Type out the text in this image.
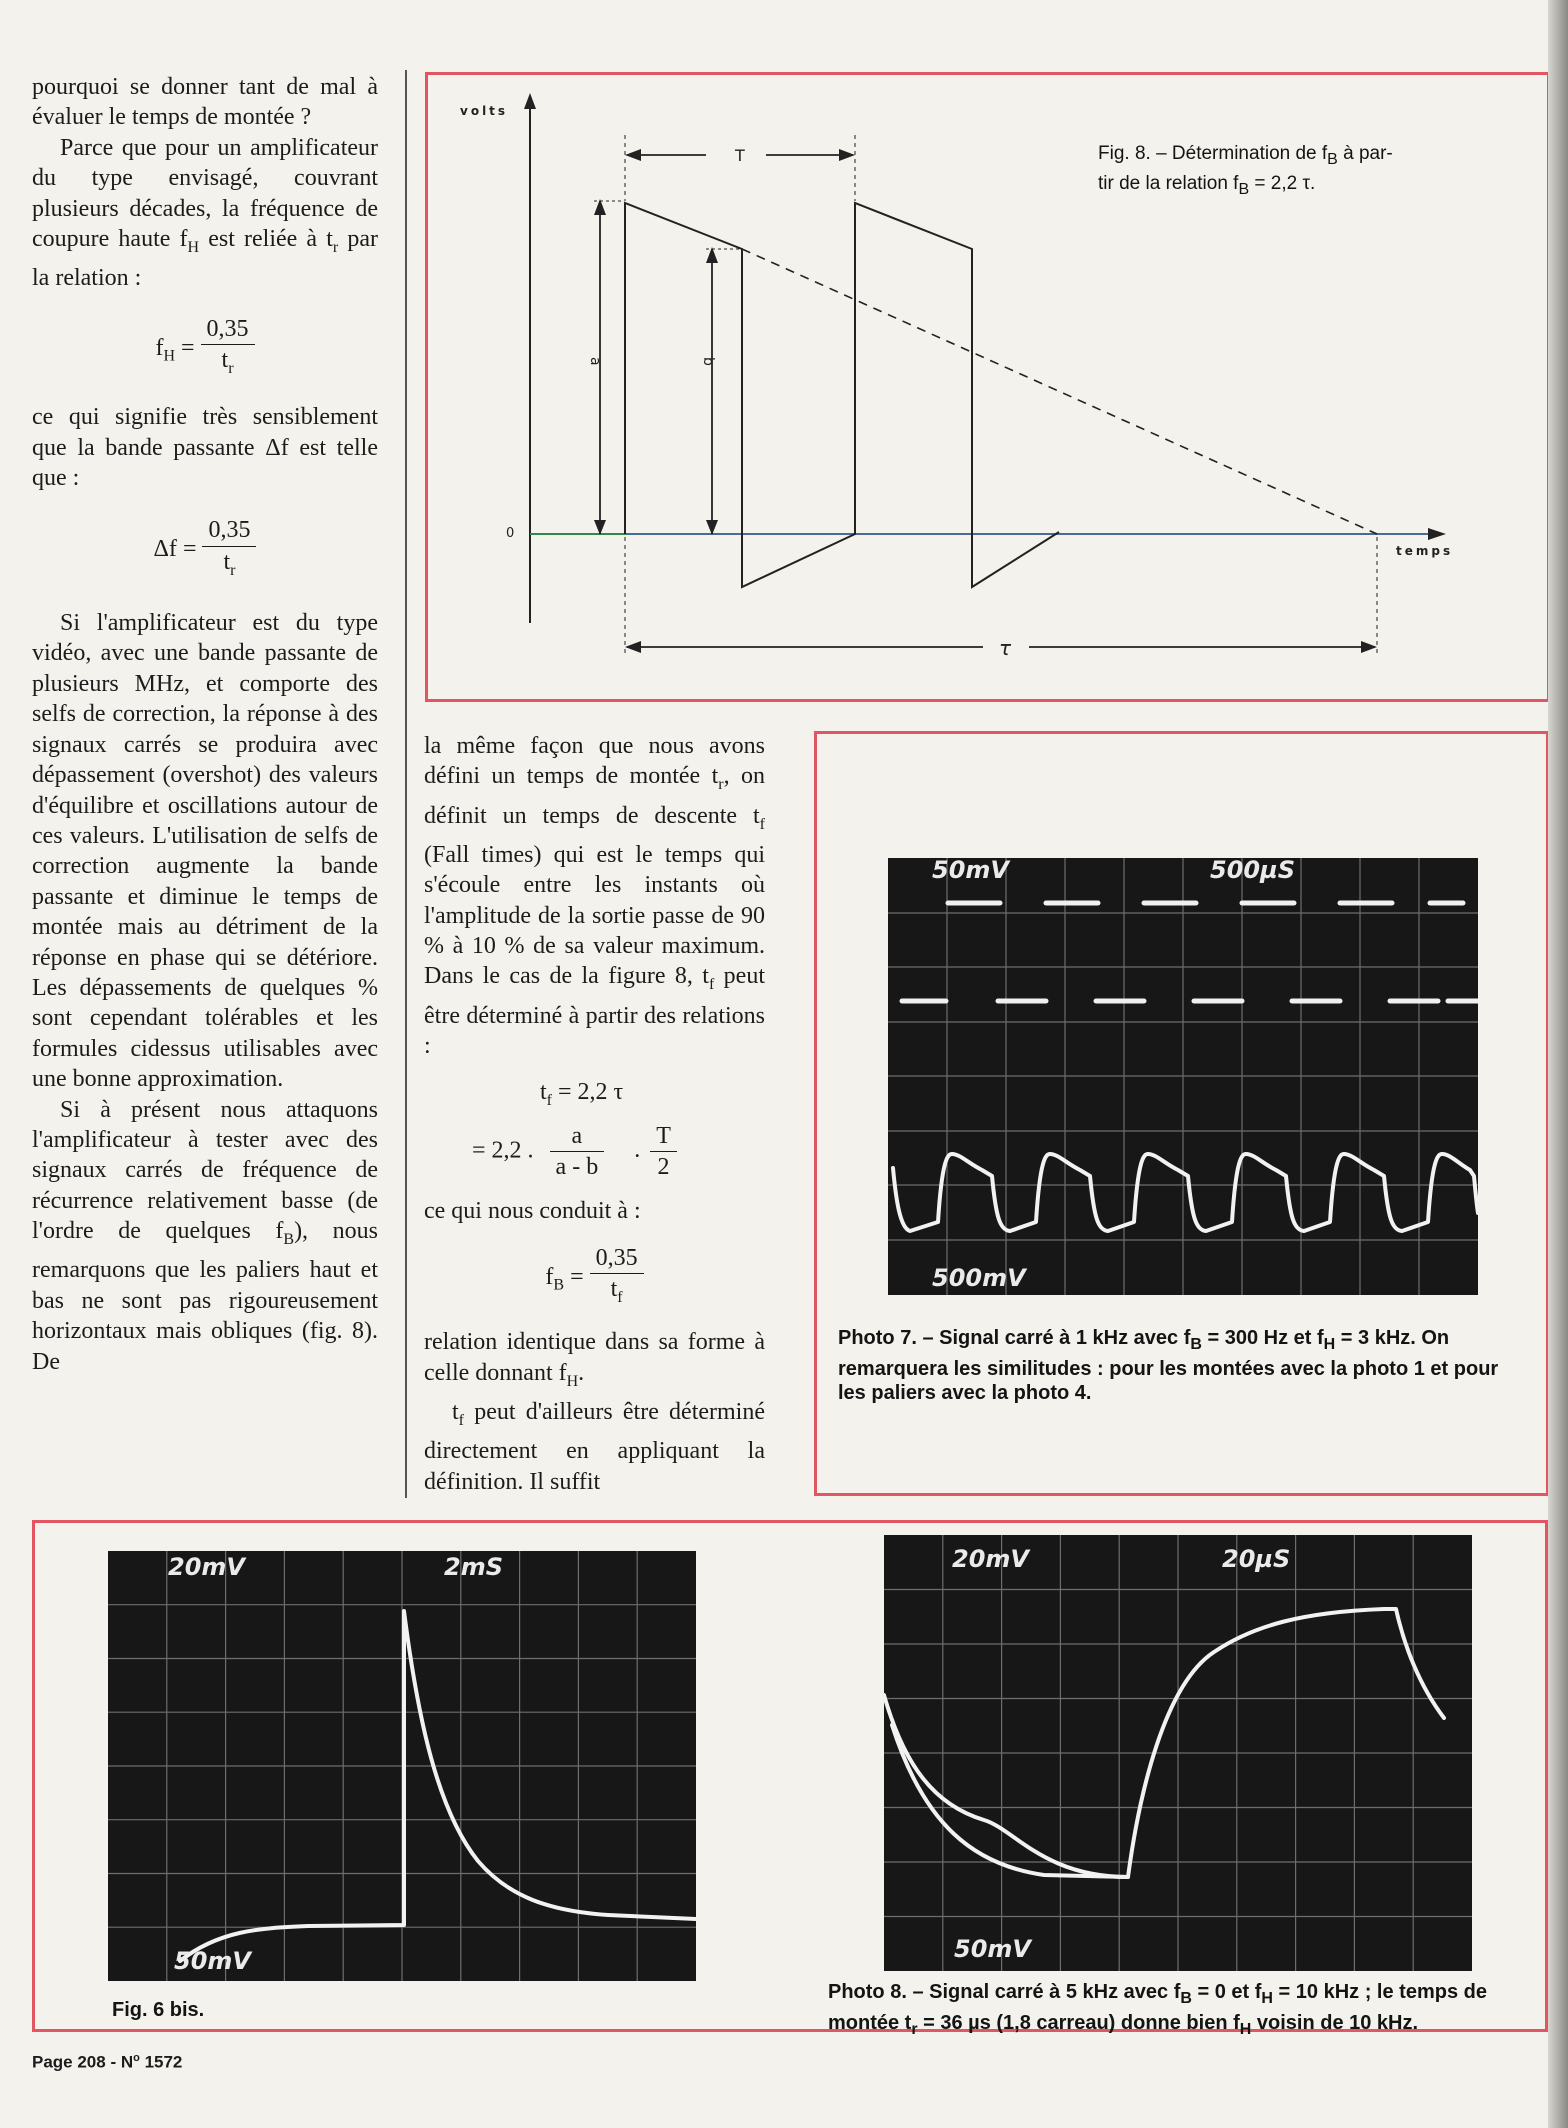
pourquoi se donner tant de mal à évaluer le temps de montée ?

Parce que pour un amplificateur du type envisagé, couvrant plusieurs décades, la fréquence de coupure haute $f_H$ est reliée à $t_r$ par la relation :

$f_H = \frac{0,35}{t_r}$

ce qui signifie très sensiblement que la bande passante Δf est telle que :

$\Delta f = \frac{0,35}{t_r}$

Si l'amplificateur est du type vidéo, avec une bande passante de plusieurs MHz, et comporte des selfs de correction, la réponse à des signaux carrés se produira avec dépassement (overshot) des valeurs d'équilibre et oscillations autour de ces valeurs. L'utilisation de selfs de correction augmente la bande passante et diminue le temps de montée mais au détriment de la réponse en phase qui se détériore. Les dépassements de quelques % sont cependant tolérables et les formules cidessus utilisables avec une bonne approximation.

Si à présent nous attaquons l'amplificateur à tester avec des signaux carrés de fréquence de récurrence relativement basse (de l'ordre de quelques $f_B$), nous remarquons que les paliers haut et bas ne sont pas rigoureusement horizontaux mais obliques (fig. 8). De

volts
temps
0
a	b
T
τ
Fig. 8. – Détermination de $f_B$ à par-
tir de la relation $f_B = 2,2$ τ.

la même façon que nous avons défini un temps de montée $t_r$, on définit un temps de descente $t_f$ (Fall times) qui est le temps qui s'écoule entre les instants où l'amplitude de la sortie passe de 90 % à 10 % de sa valeur maximum. Dans le cas de la figure 8, $t_f$ peut être déterminé à partir des relations :

$t_f = 2,2$ τ
= 2,2 . $\frac{a}{a - b}$ . $\frac{T}{2}$

ce qui nous conduit à :

$f_B = \frac{0,35}{t_f}$

relation identique dans sa forme à celle donnant $f_H$.

$t_f$ peut d'ailleurs être déterminé directement en appliquant la définition. Il suffit

50mV	500µS
500mV
Photo 7. – Signal carré à 1 kHz avec $f_B = 300$ Hz et $f_H = 3$ kHz. On remarquera les similitudes : pour les montées avec la photo 1 et pour les paliers avec la photo 4.
20mV	2mS
50mV
Fig. 6 bis.
20mV	20µS
50mV
Photo 8. – Signal carré à 5 kHz avec $f_B = 0$ et $f_H = 10$ kHz ; le temps de montée $t_r = 36$ µs (1,8 carreau) donne bien $f_H$ voisin de 10 kHz.
Page $208 - N^o$ 1572
